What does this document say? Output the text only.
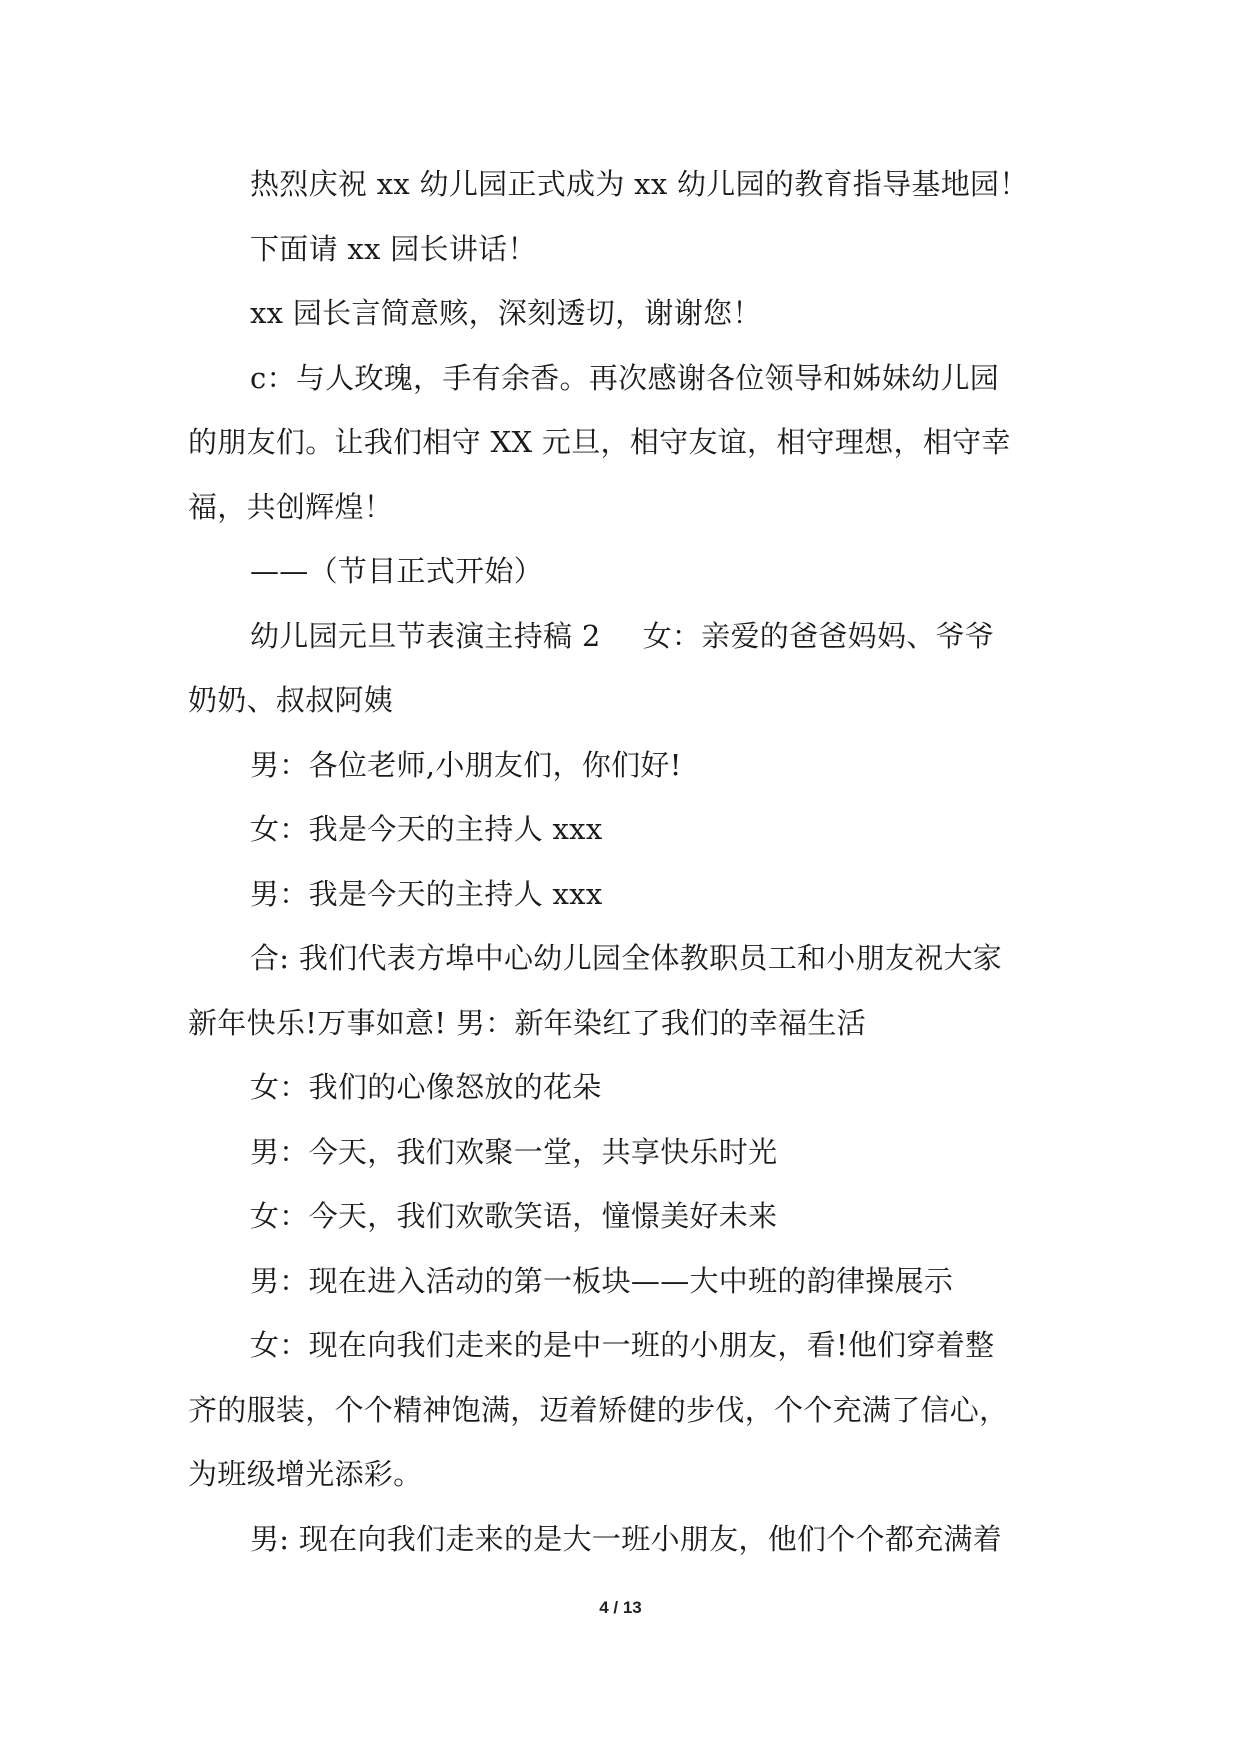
热烈庆祝 xx 幼儿园正式成为 xx 幼儿园的教育指导基地园！

下面请 xx 园长讲话！

xx 园长言简意赅，深刻透切，谢谢您！

c：与人玫瑰，手有余香。再次感谢各位领导和姊妹幼儿园

的朋友们。让我们相守 XX 元旦，相守友谊，相守理想，相守幸

福，共创辉煌！

——（节目正式开始）

幼儿园元旦节表演主持稿 2 女：亲爱的爸爸妈妈、爷爷

奶奶、叔叔阿姨

男：各位老师,小朋友们，你们好!

女：我是今天的主持人 xxx

男：我是今天的主持人 xxx

合: 我们代表方埠中心幼儿园全体教职员工和小朋友祝大家

新年快乐!万事如意! 男：新年染红了我们的幸福生活

女：我们的心像怒放的花朵

男：今天，我们欢聚一堂，共享快乐时光

女：今天，我们欢歌笑语，憧憬美好未来

男：现在进入活动的第一板块——大中班的韵律操展示

女：现在向我们走来的是中一班的小朋友，看!他们穿着整

齐的服装，个个精神饱满，迈着矫健的步伐，个个充满了信心，

为班级增光添彩。

男: 现在向我们走来的是大一班小朋友，他们个个都充满着

4 / 13
